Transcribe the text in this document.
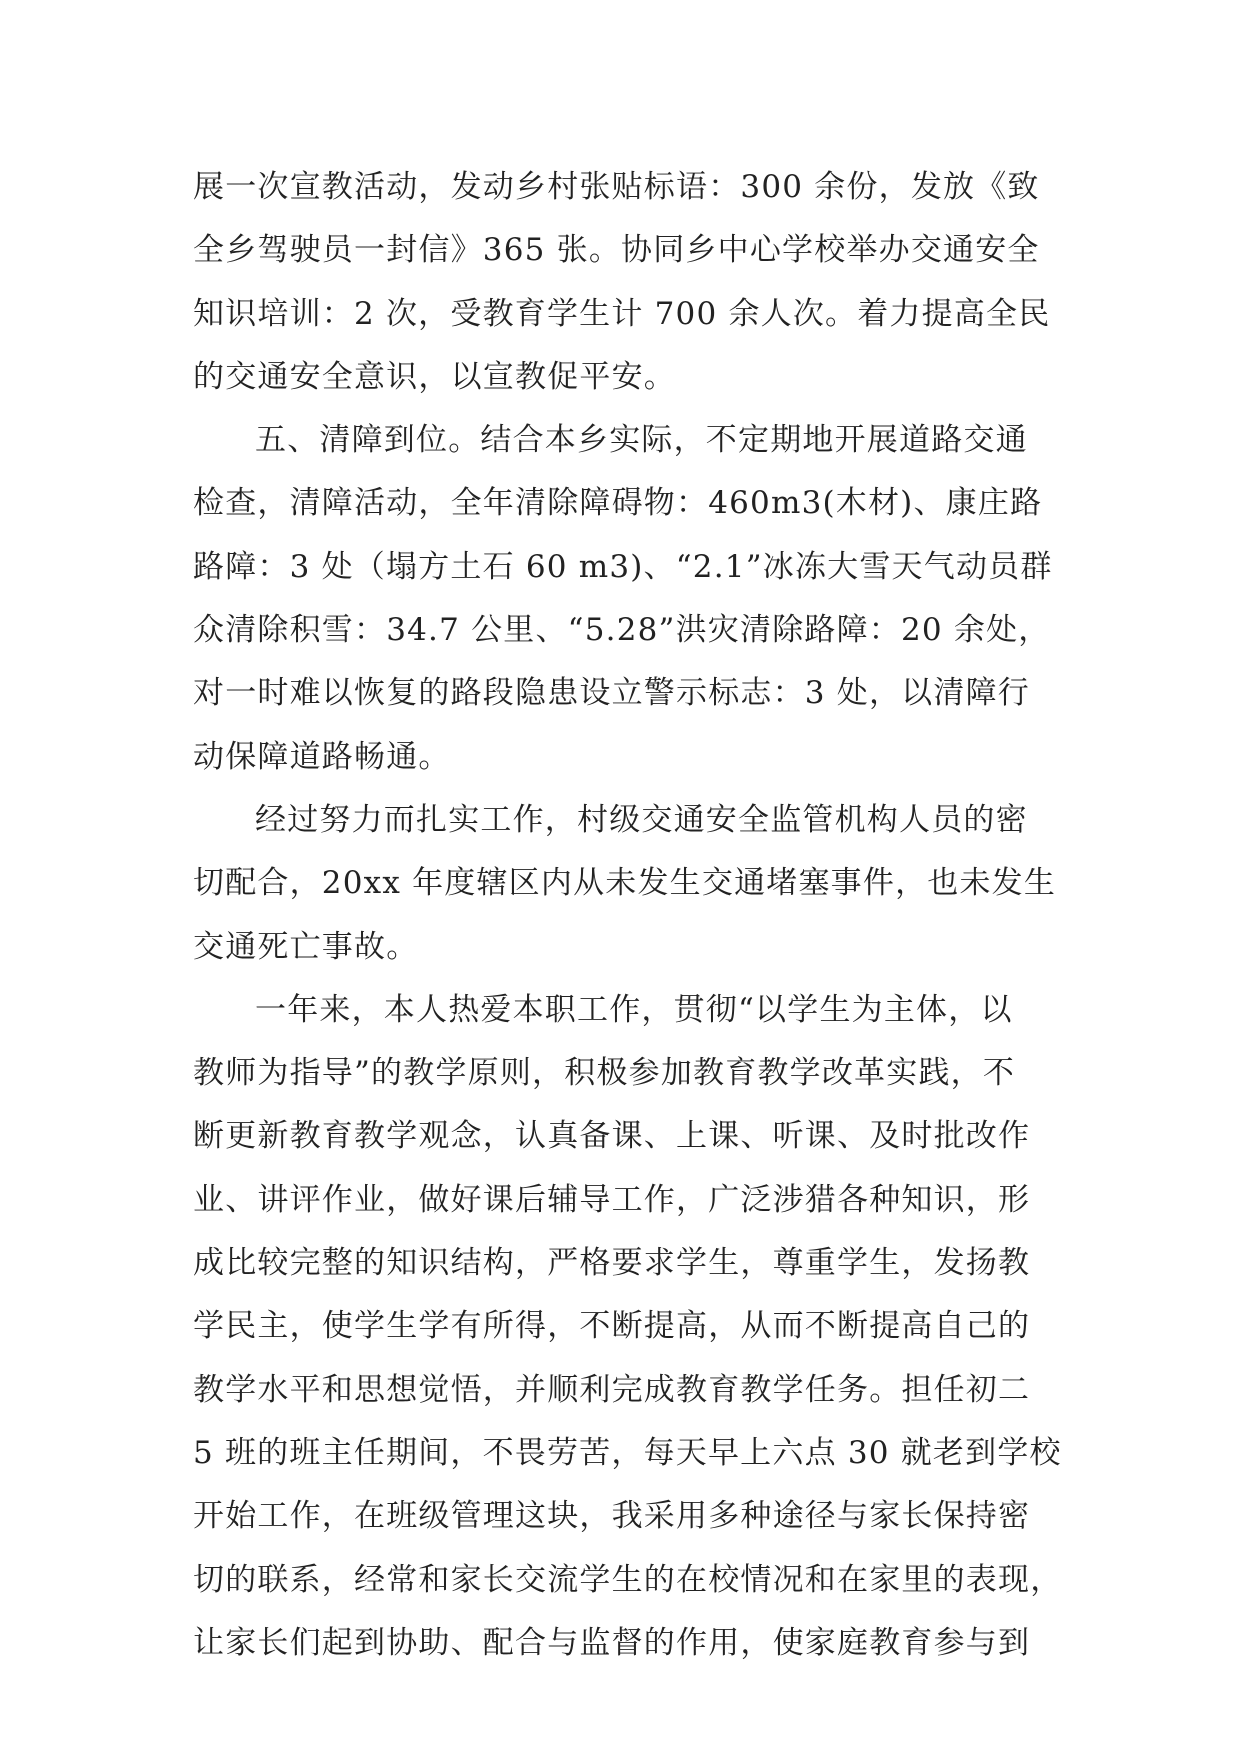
展一次宣教活动，发动乡村张贴标语：300 余份，发放《致
全乡驾驶员一封信》365 张。协同乡中心学校举办交通安全
知识培训：2 次，受教育学生计 700 余人次。着力提高全民
的交通安全意识，以宣教促平安。
五、清障到位。结合本乡实际，不定期地开展道路交通
检查，清障活动，全年清除障碍物：460m3(木材)、康庄路
路障：3 处（塌方土石 60 m3)、“2.1”冰冻大雪天气动员群
众清除积雪：34.7 公里、“5.28”洪灾清除路障：20 余处，
对一时难以恢复的路段隐患设立警示标志：3 处，以清障行
动保障道路畅通。
经过努力而扎实工作，村级交通安全监管机构人员的密
切配合，20xx 年度辖区内从未发生交通堵塞事件，也未发生
交通死亡事故。
一年来，本人热爱本职工作，贯彻“以学生为主体，以
教师为指导”的教学原则，积极参加教育教学改革实践，不
断更新教育教学观念，认真备课、上课、听课、及时批改作
业、讲评作业，做好课后辅导工作，广泛涉猎各种知识，形
成比较完整的知识结构，严格要求学生，尊重学生，发扬教
学民主，使学生学有所得，不断提高，从而不断提高自己的
教学水平和思想觉悟，并顺利完成教育教学任务。担任初二
5 班的班主任期间，不畏劳苦，每天早上六点 30 就老到学校
开始工作，在班级管理这块，我采用多种途径与家长保持密
切的联系，经常和家长交流学生的在校情况和在家里的表现，
让家长们起到协助、配合与监督的作用，使家庭教育参与到
